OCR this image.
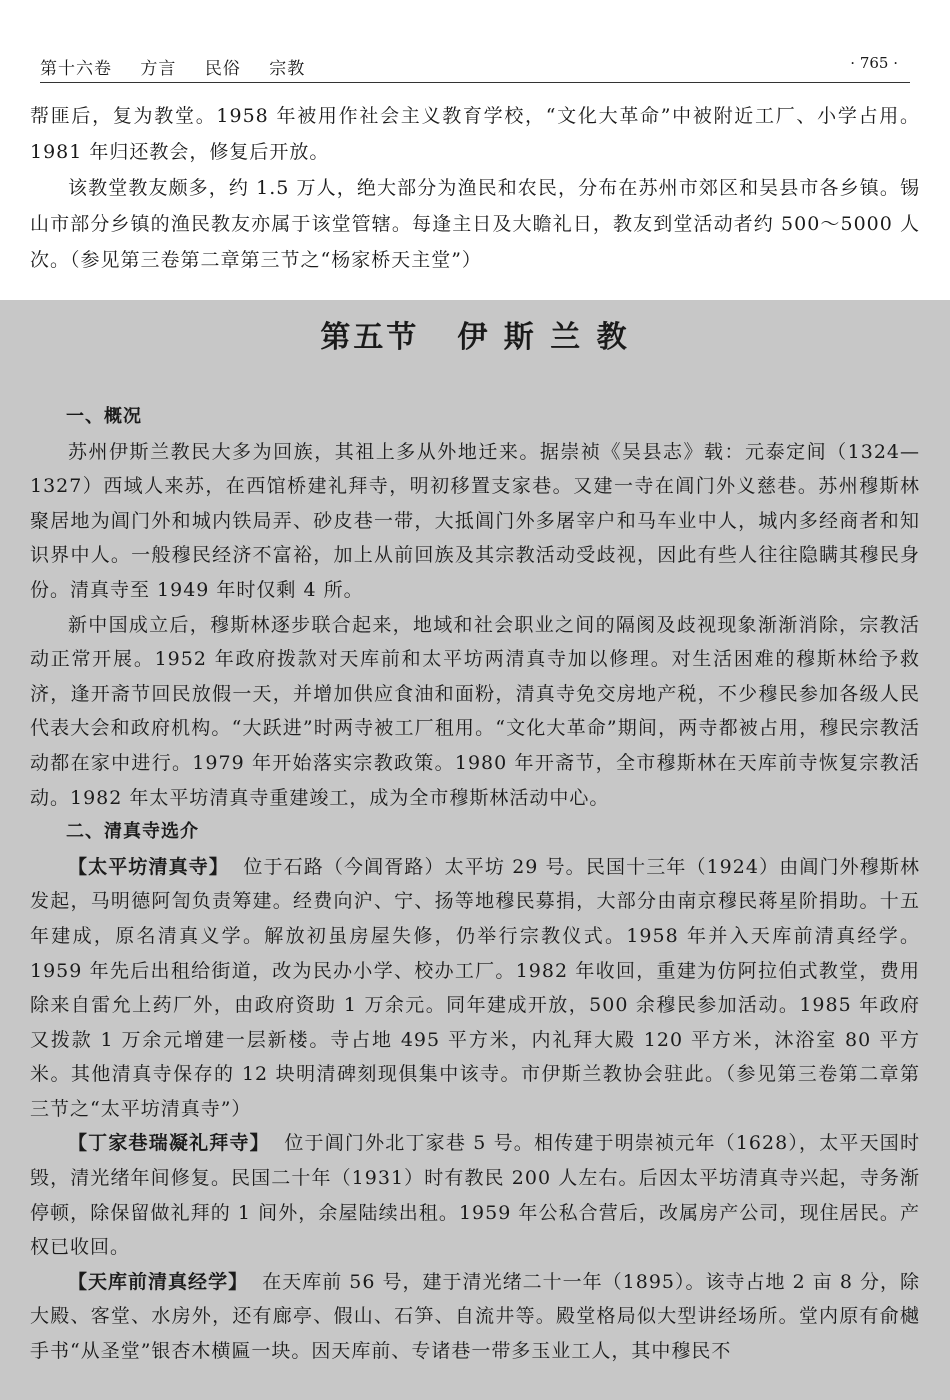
第十六卷 方言 民俗 宗教	· 765 ·

帮匪后，复为教堂。1958 年被用作社会主义教育学校，“文化大革命”中被附近工厂、小学占用。1981 年归还教会，修复后开放。

该教堂教友颇多，约 1.5 万人，绝大部分为渔民和农民，分布在苏州市郊区和吴县市各乡镇。锡山市部分乡镇的渔民教友亦属于该堂管辖。每逢主日及大瞻礼日，教友到堂活动者约 500～5000 人次。（参见第三卷第二章第三节之“杨家桥天主堂”）

第五节 伊 斯 兰 教
一、概况

苏州伊斯兰教民大多为回族，其祖上多从外地迁来。据崇祯《吴县志》载：元泰定间（1324—1327）西域人来苏，在西馆桥建礼拜寺，明初移置支家巷。又建一寺在阊门外义慈巷。苏州穆斯林聚居地为阊门外和城内铁局弄、砂皮巷一带，大抵阊门外多屠宰户和马车业中人，城内多经商者和知识界中人。一般穆民经济不富裕，加上从前回族及其宗教活动受歧视，因此有些人往往隐瞒其穆民身份。清真寺至 1949 年时仅剩 4 所。

新中国成立后，穆斯林逐步联合起来，地域和社会职业之间的隔阂及歧视现象渐渐消除，宗教活动正常开展。1952 年政府拨款对天库前和太平坊两清真寺加以修理。对生活困难的穆斯林给予救济，逢开斋节回民放假一天，并增加供应食油和面粉，清真寺免交房地产税，不少穆民参加各级人民代表大会和政府机构。“大跃进”时两寺被工厂租用。“文化大革命”期间，两寺都被占用，穆民宗教活动都在家中进行。1979 年开始落实宗教政策。1980 年开斋节，全市穆斯林在天库前寺恢复宗教活动。1982 年太平坊清真寺重建竣工，成为全市穆斯林活动中心。

二、清真寺选介

【太平坊清真寺】 位于石路（今阊胥路）太平坊 29 号。民国十三年（1924）由阊门外穆斯林发起，马明德阿訇负责筹建。经费向沪、宁、扬等地穆民募捐，大部分由南京穆民蒋星阶捐助。十五年建成，原名清真义学。解放初虽房屋失修，仍举行宗教仪式。1958 年并入天库前清真经学。1959 年先后出租给街道，改为民办小学、校办工厂。1982 年收回，重建为仿阿拉伯式教堂，费用除来自雷允上药厂外，由政府资助 1 万余元。同年建成开放，500 余穆民参加活动。1985 年政府又拨款 1 万余元增建一层新楼。寺占地 495 平方米，内礼拜大殿 120 平方米，沐浴室 80 平方米。其他清真寺保存的 12 块明清碑刻现俱集中该寺。市伊斯兰教协会驻此。（参见第三卷第二章第三节之“太平坊清真寺”）

【丁家巷瑞凝礼拜寺】 位于阊门外北丁家巷 5 号。相传建于明崇祯元年（1628），太平天国时毁，清光绪年间修复。民国二十年（1931）时有教民 200 人左右。后因太平坊清真寺兴起，寺务渐停顿，除保留做礼拜的 1 间外，余屋陆续出租。1959 年公私合营后，改属房产公司，现住居民。产权已收回。

【天库前清真经学】 在天库前 56 号，建于清光绪二十一年（1895）。该寺占地 2 亩 8 分，除大殿、客堂、水房外，还有廊亭、假山、石笋、自流井等。殿堂格局似大型讲经场所。堂内原有俞樾手书“从圣堂”银杏木横匾一块。因天库前、专诸巷一带多玉业工人，其中穆民不
